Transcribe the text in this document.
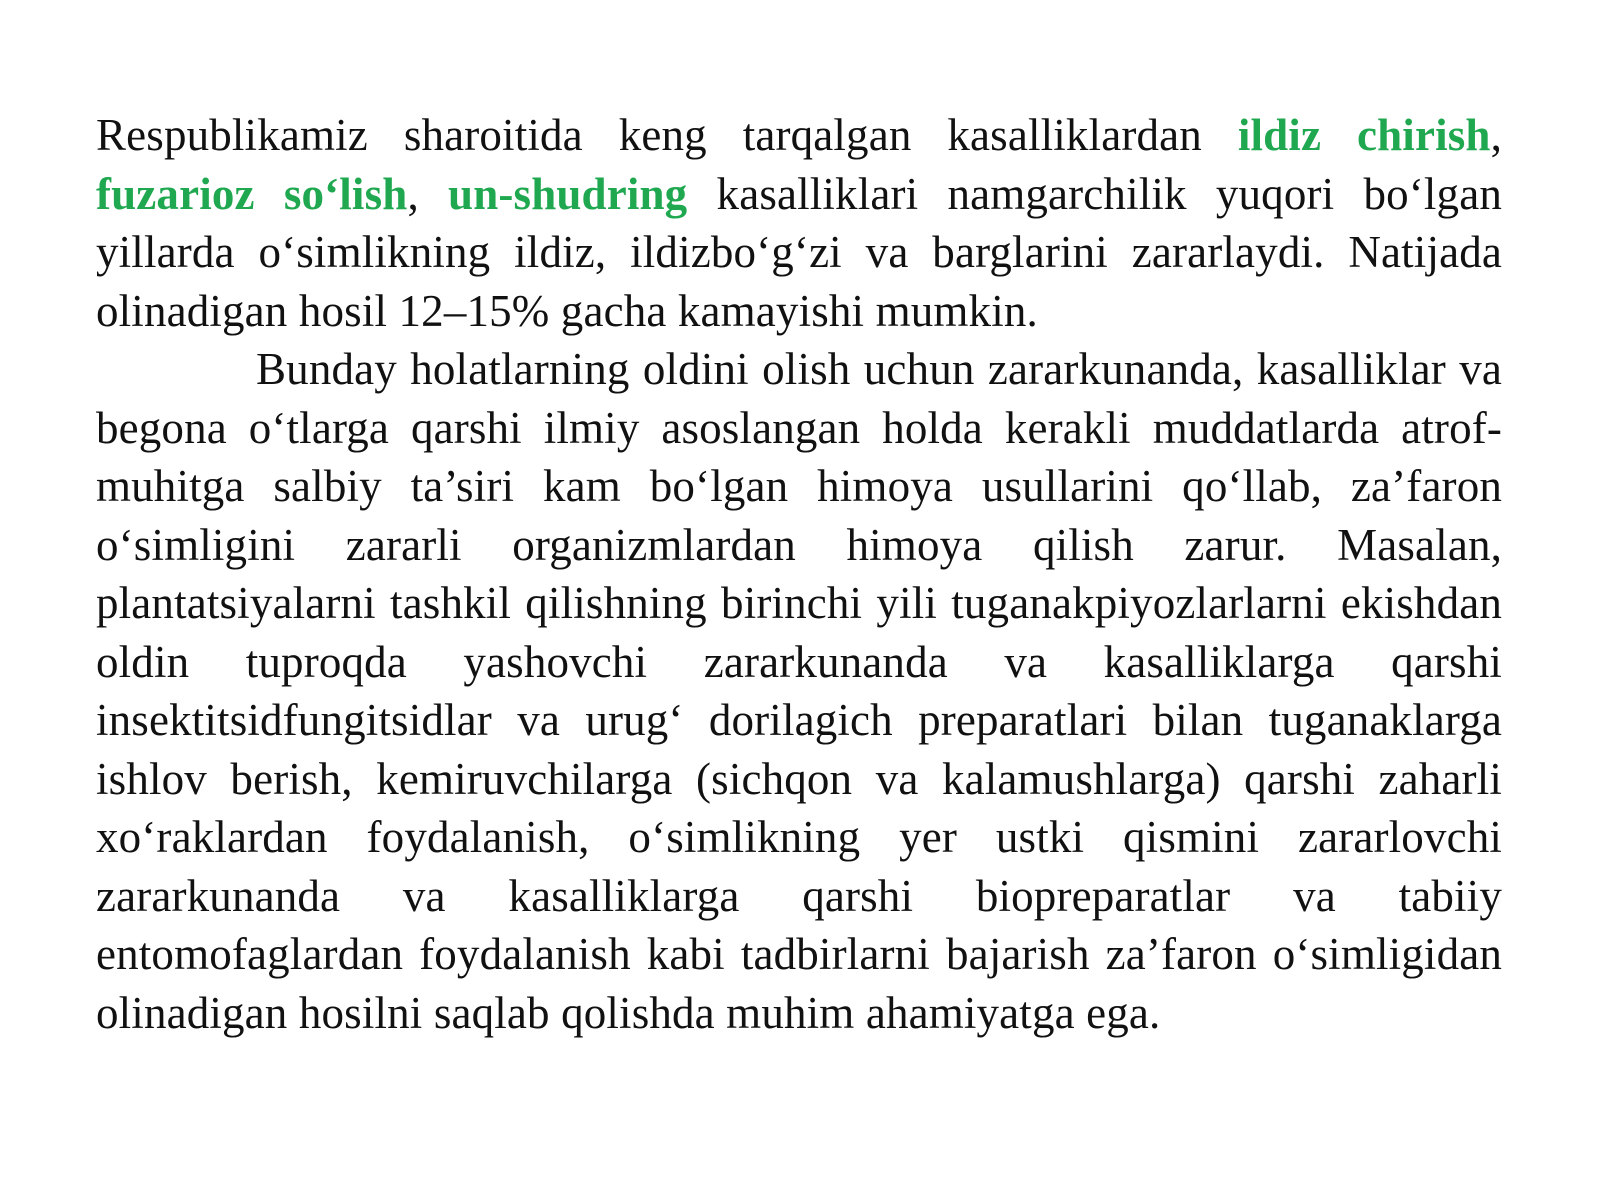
Respublikamiz sharoitida keng tarqalgan kasalliklardan ildiz chirish, fuzarioz so‘lish, un-shudring kasalliklari namgarchilik yuqori bo‘lgan yillarda o‘simlikning ildiz, ildizbo‘g‘zi va barglarini zararlaydi. Natijada olinadigan hosil 12–15% gacha kamayishi mumkin.

Bunday holatlarning oldini olish uchun zararkunanda, kasalliklar va begona o‘tlarga qarshi ilmiy asoslangan holda kerakli muddatlarda atrof-muhitga salbiy ta’siri kam bo‘lgan himoya usullarini qo‘llab, za’faron o‘simligini zararli organizmlardan himoya qilish zarur. Masalan, plantatsiyalarni tashkil qilishning birinchi yili tuganakpiyozlarlarni ekishdan oldin tuproqda yashovchi zararkunanda va kasalliklarga qarshi insektitsidfungitsidlar va urug‘ dorilagich preparatlari bilan tuganaklarga ishlov berish, kemiruvchilarga (sichqon va kalamushlarga) qarshi zaharli xo‘raklardan foydalanish, o‘simlikning yer ustki qismini zararlovchi zararkunanda va kasalliklarga qarshi biopreparatlar va tabiiy entomofaglardan foydalanish kabi tadbirlarni bajarish za’faron o‘simligidan olinadigan hosilni saqlab qolishda muhim ahamiyatga ega.
